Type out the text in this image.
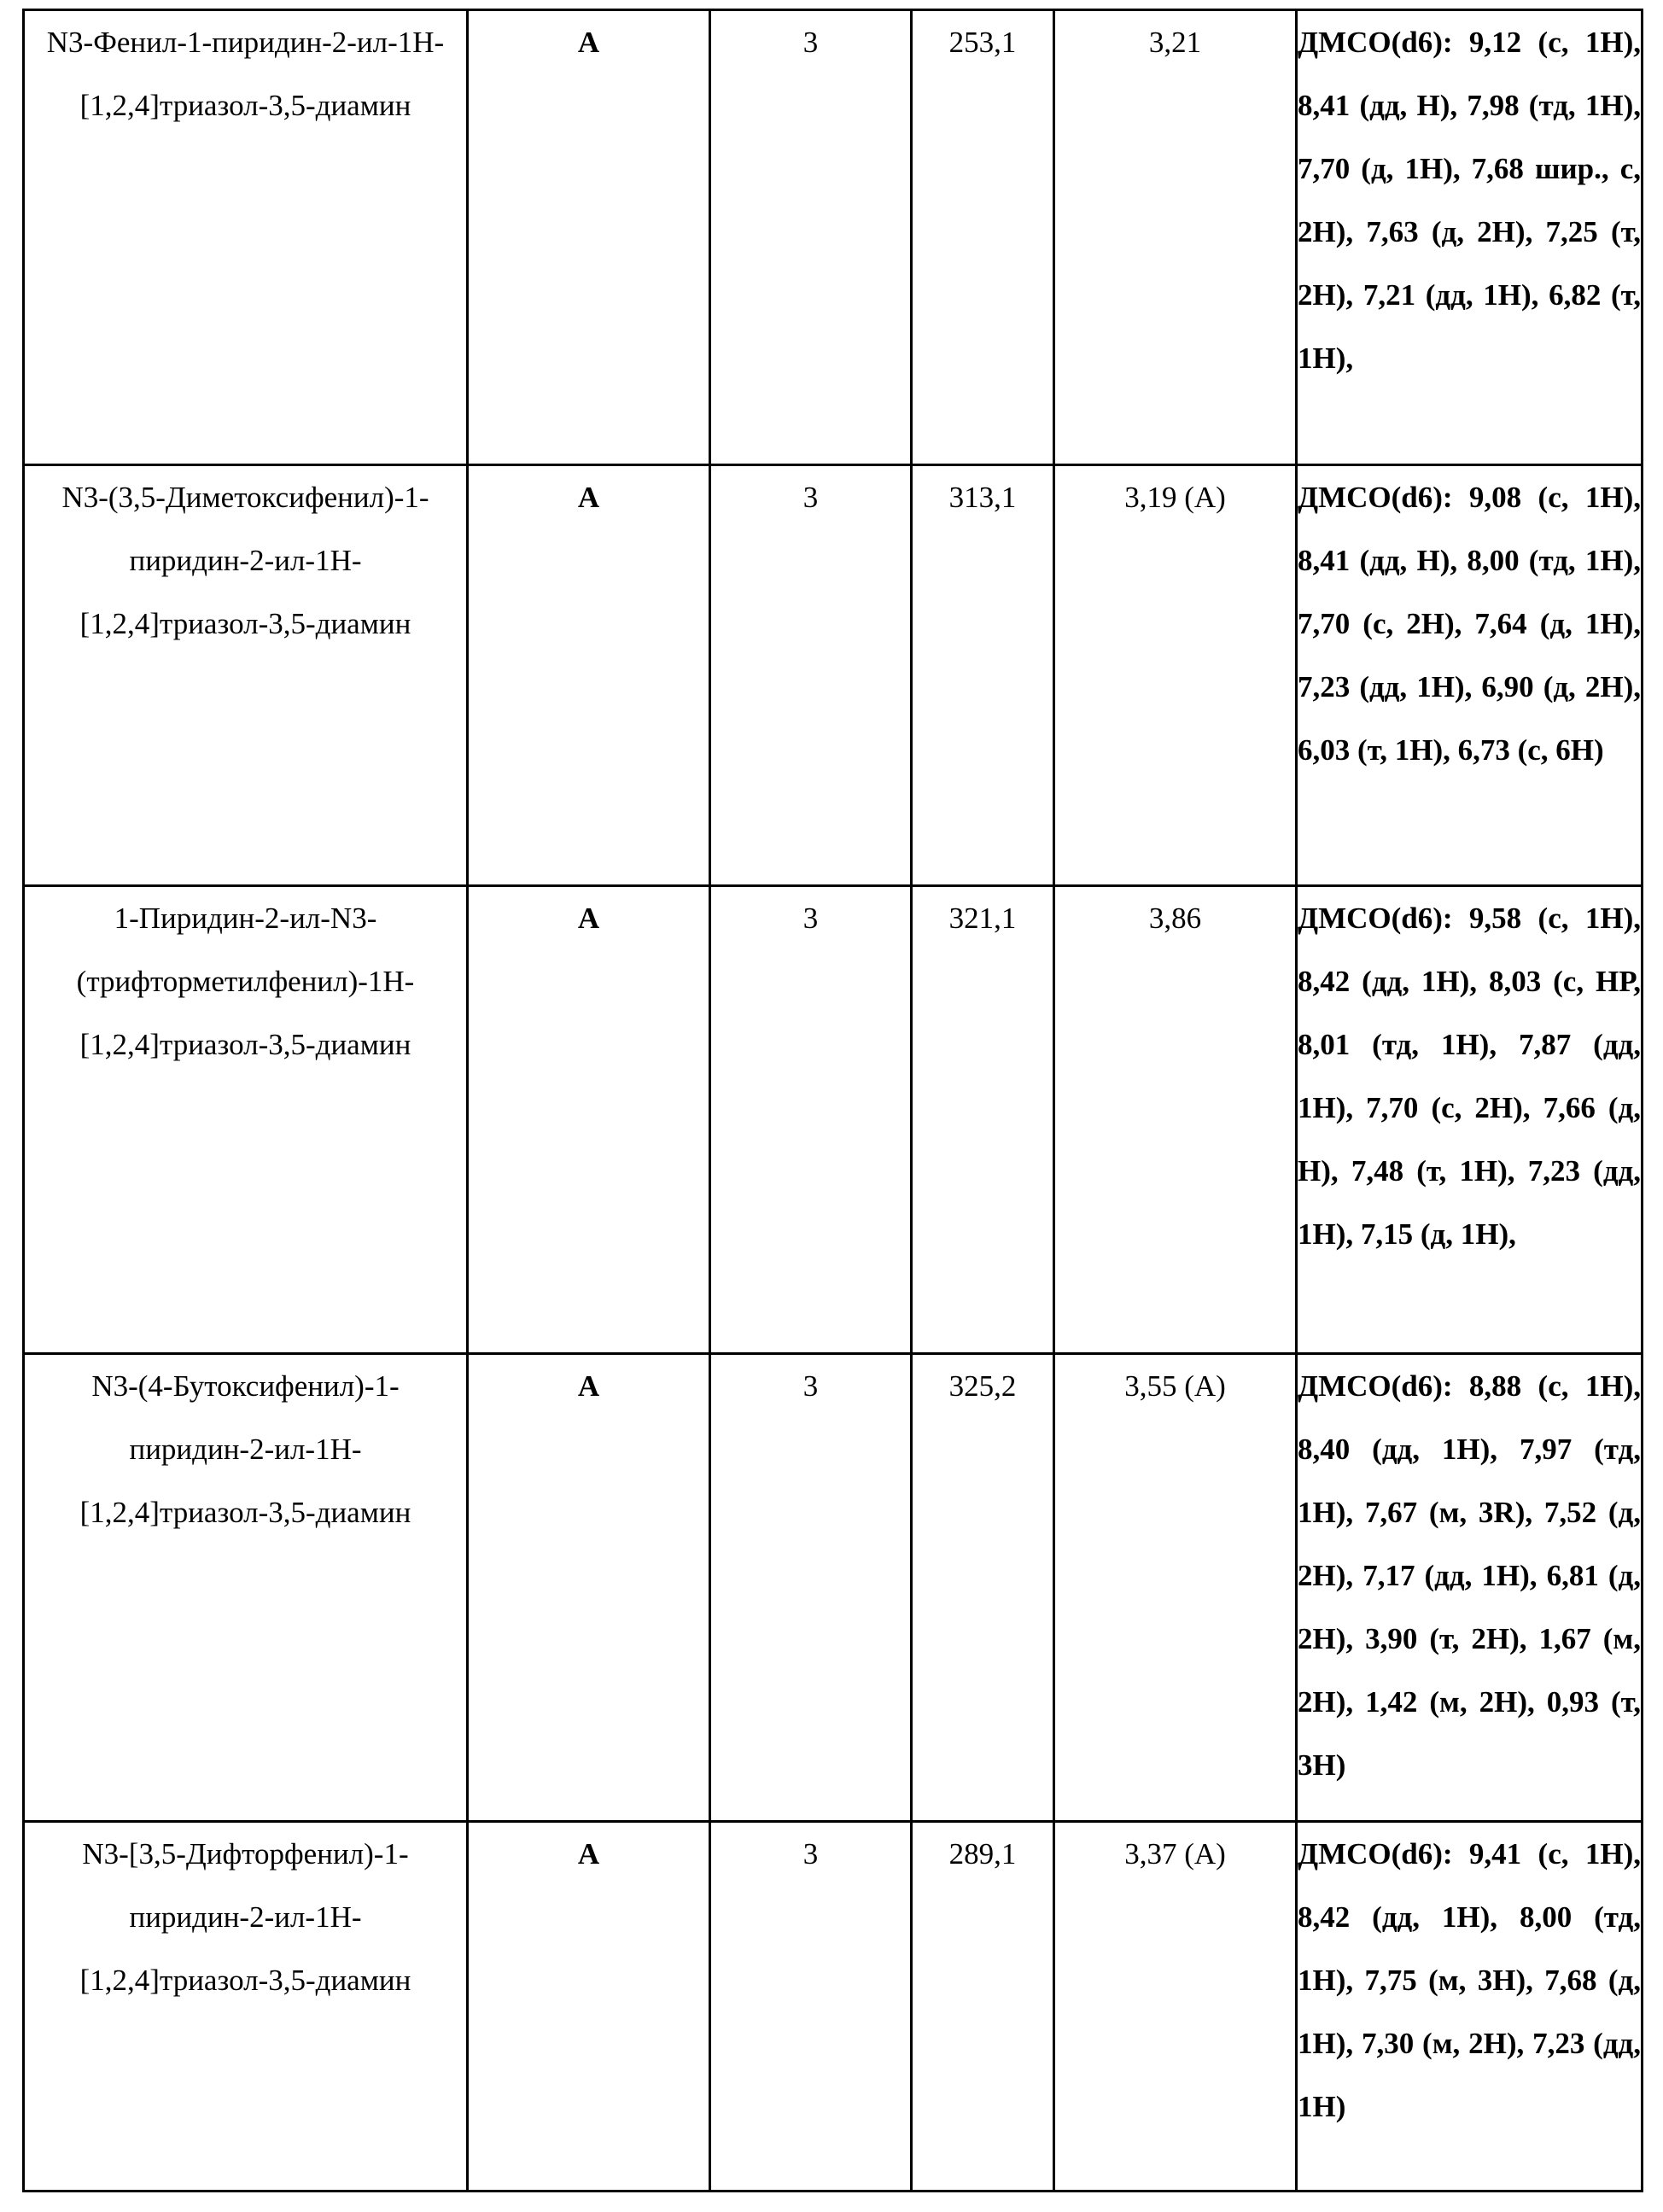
N3-Фенил-1-пиридин-2-ил-1Н-[1,2,4]триазол-3,5-диамин	A	3	253,1	3,21	ДМСО(d6): 9,12 (с, 1Н), 8,41 (дд, Н), 7,98 (тд, 1Н), 7,70 (д, 1Н), 7,68 шир., с, 2Н), 7,63 (д, 2Н), 7,25 (т, 2Н), 7,21 (дд, 1Н), 6,82 (т, 1Н),
N3-(3,5-Диметоксифенил)-1-пиридин-2-ил-1Н-[1,2,4]триазол-3,5-диамин	A	3	313,1	3,19 (A)	ДМСО(d6): 9,08 (с, 1Н), 8,41 (дд, Н), 8,00 (тд, 1Н), 7,70 (с, 2Н), 7,64 (д, 1Н), 7,23 (дд, 1Н), 6,90 (д, 2Н), 6,03 (т, 1Н), 6,73 (с, 6Н)
1-Пиридин-2-ил-N3-(трифторметилфенил)-1Н-[1,2,4]триазол-3,5-диамин	A	3	321,1	3,86	ДМСО(d6): 9,58 (с, 1Н), 8,42 (дд, 1Н), 8,03 (с, НР, 8,01 (тд, 1Н), 7,87 (дд, 1Н), 7,70 (с, 2Н), 7,66 (д, Н), 7,48 (т, 1Н), 7,23 (дд, 1Н), 7,15 (д, 1Н),
N3-(4-Бутоксифенил)-1-пиридин-2-ил-1Н-[1,2,4]триазол-3,5-диамин	A	3	325,2	3,55 (A)	ДМСО(d6): 8,88 (с, 1Н), 8,40 (дд, 1Н), 7,97 (тд, 1Н), 7,67 (м, 3R), 7,52 (д, 2Н), 7,17 (дд, 1Н), 6,81 (д, 2Н), 3,90 (т, 2Н), 1,67 (м, 2Н), 1,42 (м, 2Н), 0,93 (т, 3Н)
N3-[3,5-Дифторфенил)-1-пиридин-2-ил-1Н-[1,2,4]триазол-3,5-диамин	A	3	289,1	3,37 (A)	ДМСО(d6): 9,41 (с, 1Н), 8,42 (дд, 1Н), 8,00 (тд, 1Н), 7,75 (м, 3Н), 7,68 (д, 1Н), 7,30 (м, 2Н), 7,23 (дд, 1Н)
